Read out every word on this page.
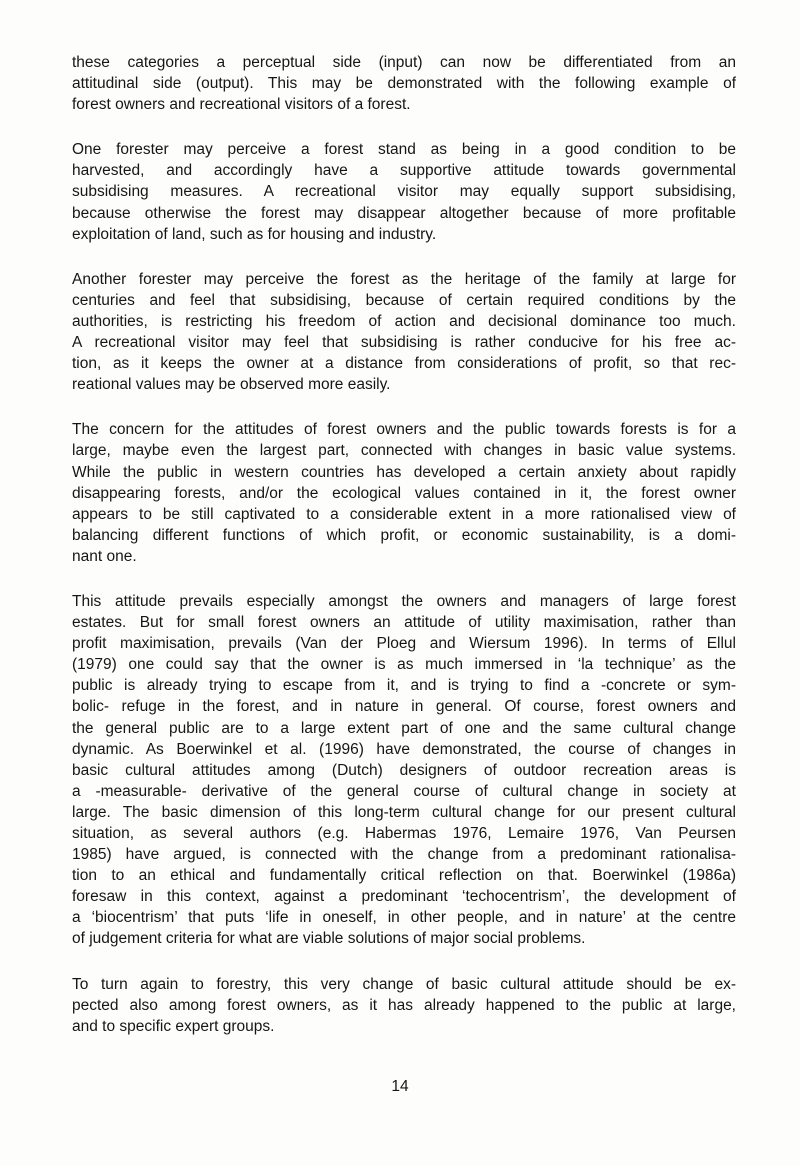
these categories a perceptual side (input) can now be differentiated from an
attitudinal side (output). This may be demonstrated with the following example of
forest owners and recreational visitors of a forest.
One forester may perceive a forest stand as being in a good condition to be
harvested, and accordingly have a supportive attitude towards governmental
subsidising measures. A recreational visitor may equally support subsidising,
because otherwise the forest may disappear altogether because of more profitable
exploitation of land, such as for housing and industry.
Another forester may perceive the forest as the heritage of the family at large for
centuries and feel that subsidising, because of certain required conditions by the
authorities, is restricting his freedom of action and decisional dominance too much.
A recreational visitor may feel that subsidising is rather conducive for his free ac-
tion, as it keeps the owner at a distance from considerations of profit, so that rec-
reational values may be observed more easily.
The concern for the attitudes of forest owners and the public towards forests is for a
large, maybe even the largest part, connected with changes in basic value systems.
While the public in western countries has developed a certain anxiety about rapidly
disappearing forests, and/or the ecological values contained in it, the forest owner
appears to be still captivated to a considerable extent in a more rationalised view of
balancing different functions of which profit, or economic sustainability, is a domi-
nant one.
This attitude prevails especially amongst the owners and managers of large forest
estates. But for small forest owners an attitude of utility maximisation, rather than
profit maximisation, prevails (Van der Ploeg and Wiersum 1996). In terms of Ellul
(1979) one could say that the owner is as much immersed in ‘la technique’ as the
public is already trying to escape from it, and is trying to find a -concrete or sym-
bolic- refuge in the forest, and in nature in general. Of course, forest owners and
the general public are to a large extent part of one and the same cultural change
dynamic. As Boerwinkel et al. (1996) have demonstrated, the course of changes in
basic cultural attitudes among (Dutch) designers of outdoor recreation areas is
a -measurable- derivative of the general course of cultural change in society at
large. The basic dimension of this long-term cultural change for our present cultural
situation, as several authors (e.g. Habermas 1976, Lemaire 1976, Van Peursen
1985) have argued, is connected with the change from a predominant rationalisa-
tion to an ethical and fundamentally critical reflection on that. Boerwinkel (1986a)
foresaw in this context, against a predominant ‘techocentrism’, the development of
a ‘biocentrism’ that puts ‘life in oneself, in other people, and in nature’ at the centre
of judgement criteria for what are viable solutions of major social problems.
To turn again to forestry, this very change of basic cultural attitude should be ex-
pected also among forest owners, as it has already happened to the public at large,
and to specific expert groups.
14
